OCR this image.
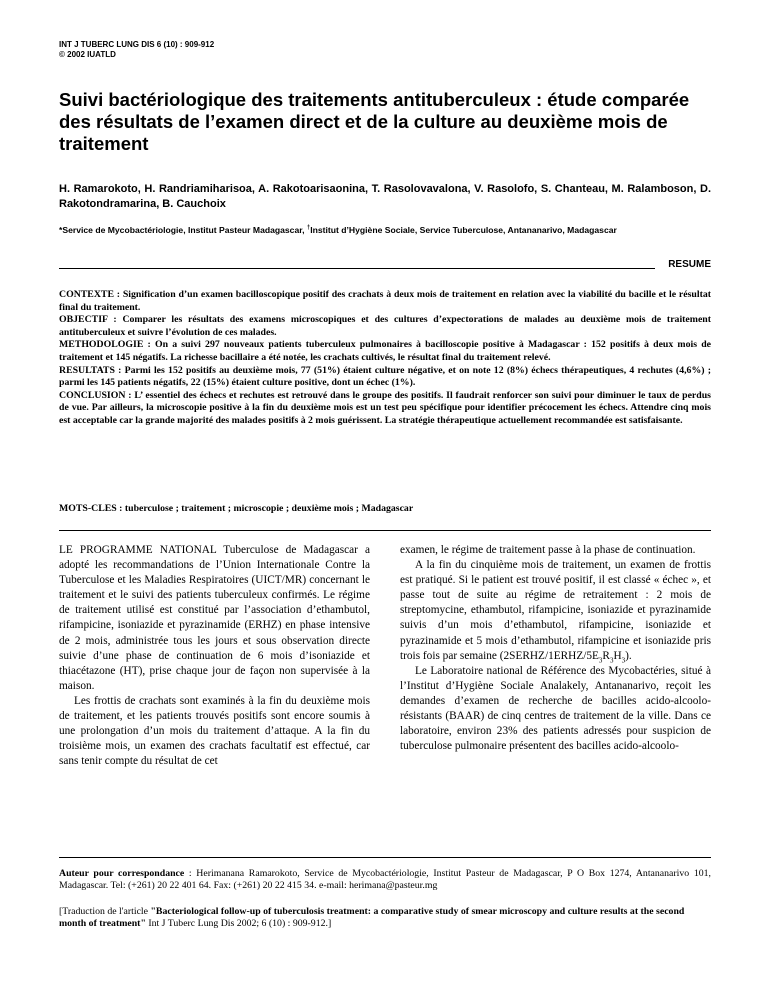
INT J TUBERC LUNG DIS 6 (10) : 909-912
© 2002 IUATLD
Suivi bactériologique des traitements antituberculeux : étude comparée des résultats de l’examen direct et de la culture au deuxième mois de traitement
H. Ramarokoto, H. Randriamiharisoa, A. Rakotoarisaonina, T. Rasolovavalona, V. Rasolofo, S. Chanteau, M. Ralamboson, D. Rakotondramarina, B. Cauchoix
*Service de Mycobactériologie, Institut Pasteur Madagascar, †Institut d’Hygiène Sociale, Service Tuberculose, Antananarivo, Madagascar
RESUME

CONTEXTE : Signification d’un examen bacilloscopique positif des crachats à deux mois de traitement en relation avec la viabilité du bacille et le résultat final du traitement.

OBJECTIF : Comparer les résultats des examens microscopiques et des cultures d’expectorations de malades au deuxième mois de traitement antituberculeux et suivre l’évolution de ces malades.

METHODOLOGIE : On a suivi 297 nouveaux patients tuberculeux pulmonaires à bacilloscopie positive à Madagascar : 152 positifs à deux mois de traitement et 145 négatifs. La richesse bacillaire a été notée, les crachats cultivés, le résultat final du traitement relevé.

RESULTATS : Parmi les 152 positifs au deuxième mois, 77 (51%) étaient culture négative, et on note 12 (8%) échecs thérapeutiques, 4 rechutes (4,6%) ; parmi les 145 patients négatifs, 22 (15%) étaient culture positive, dont un échec (1%).

CONCLUSION : L’ essentiel des échecs et rechutes est retrouvé dans le groupe des positifs. Il faudrait renforcer son suivi pour diminuer le taux de perdus de vue. Par ailleurs, la microscopie positive à la fin du deuxième mois est un test peu spécifique pour identifier précocement les échecs. Attendre cinq mois est acceptable car la grande majorité des malades positifs à 2 mois guérissent. La stratégie thérapeutique actuellement recommandée est satisfaisante.

MOTS-CLES : tuberculose ; traitement ; microscopie ; deuxième mois ; Madagascar

LE PROGRAMME NATIONAL Tuberculose de Madagascar a adopté les recommandations de l’Union Internationale Contre la Tuberculose et les Maladies Respiratoires (UICT/MR) concernant le traitement et le suivi des patients tuberculeux confirmés. Le régime de traitement utilisé est constitué par l’association d’ethambutol, rifampicine, isoniazide et pyrazinamide (ERHZ) en phase intensive de 2 mois, administrée tous les jours et sous observation directe suivie d’une phase de continuation de 6 mois d’isoniazide et thiacétazone (HT), prise chaque jour de façon non supervisée à la maison.

Les frottis de crachats sont examinés à la fin du deuxième mois de traitement, et les patients trouvés positifs sont encore soumis à une prolongation d’un mois du traitement d’attaque. A la fin du troisième mois, un examen des crachats facultatif est effectué, car sans tenir compte du résultat de cet

examen, le régime de traitement passe à la phase de continuation.

A la fin du cinquième mois de traitement, un examen de frottis est pratiqué. Si le patient est trouvé positif, il est classé « échec », et passe tout de suite au régime de retraitement : 2 mois de streptomycine, ethambutol, rifampicine, isoniazide et pyrazinamide suivis d’un mois d’ethambutol, rifampicine, isoniazide et pyrazinamide et 5 mois d’ethambutol, rifampicine et isoniazide pris trois fois par semaine $(2SERHZ/1ERHZ/5E_3R_3H_3)$.

Le Laboratoire national de Référence des Mycobactéries, situé à l’Institut d’Hygiène Sociale Analakely, Antananarivo, reçoit les demandes d’examen de recherche de bacilles acido-alcoolo-résistants (BAAR) de cinq centres de traitement de la ville. Dans ce laboratoire, environ 23% des patients adressés pour suspicion de tuberculose pulmonaire présentent des bacilles acido-alcoolo-

Auteur pour correspondance : Herimanana Ramarokoto, Service de Mycobactériologie, Institut Pasteur de Madagascar, P O Box 1274, Antananarivo 101, Madagascar. Tel: (+261) 20 22 401 64. Fax: (+261) 20 22 415 34. e-mail: herimana@pasteur.mg
[Traduction de l'article "Bacteriological follow-up of tuberculosis treatment: a comparative study of smear microscopy and culture results at the second month of treatment" Int J Tuberc Lung Dis 2002; 6 (10) : 909-912.]
